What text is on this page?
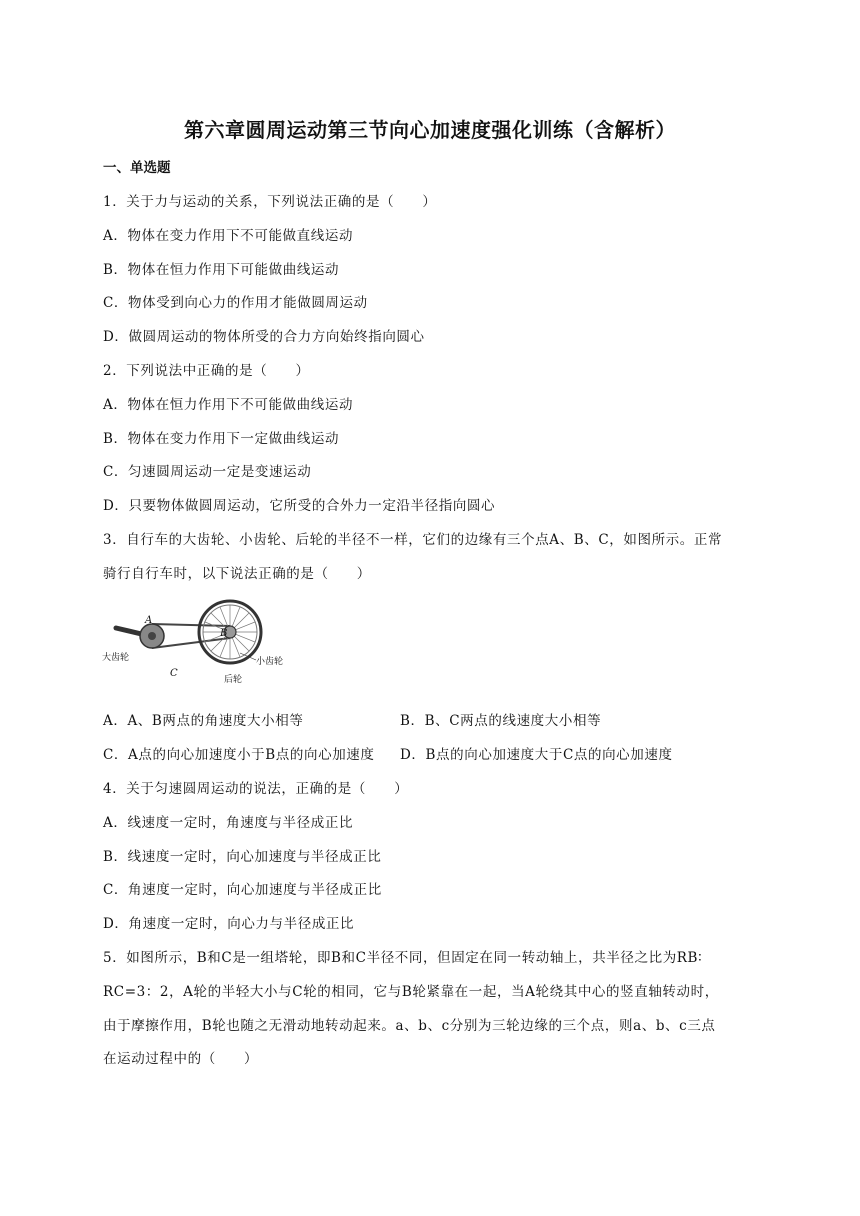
第六章圆周运动第三节向心加速度强化训练（含解析）
一、单选题
1．关于力与运动的关系，下列说法正确的是（　　）
A．物体在变力作用下不可能做直线运动
B．物体在恒力作用下可能做曲线运动
C．物体受到向心力的作用才能做圆周运动
D．做圆周运动的物体所受的合力方向始终指向圆心
2．下列说法中正确的是（　　）
A．物体在恒力作用下不可能做曲线运动
B．物体在变力作用下一定做曲线运动
C．匀速圆周运动一定是变速运动
D．只要物体做圆周运动，它所受的合外力一定沿半径指向圆心
3．自行车的大齿轮、小齿轮、后轮的半径不一样，它们的边缘有三个点A、B、C，如图所示。正常
骑行自行车时，以下说法正确的是（　　）
A
B
C
大齿轮	小齿轮
后轮
A．A、B两点的角速度大小相等	B．B、C两点的线速度大小相等
C．A点的向心加速度小于B点的向心加速度 D．B点的向心加速度大于C点的向心加速度
4．关于匀速圆周运动的说法，正确的是（　　）
A．线速度一定时，角速度与半径成正比
B．线速度一定时，向心加速度与半径成正比
C．角速度一定时，向心加速度与半径成正比
D．角速度一定时，向心力与半径成正比
5．如图所示，B和C是一组塔轮，即B和C半径不同，但固定在同一转动轴上，共半径之比为RB∶
RC=3：2，A轮的半轻大小与C轮的相同，它与B轮紧靠在一起，当A轮绕其中心的竖直轴转动时，
由于摩擦作用，B轮也随之无滑动地转动起来。a、b、c分别为三轮边缘的三个点，则a、b、c三点
在运动过程中的（　　）
